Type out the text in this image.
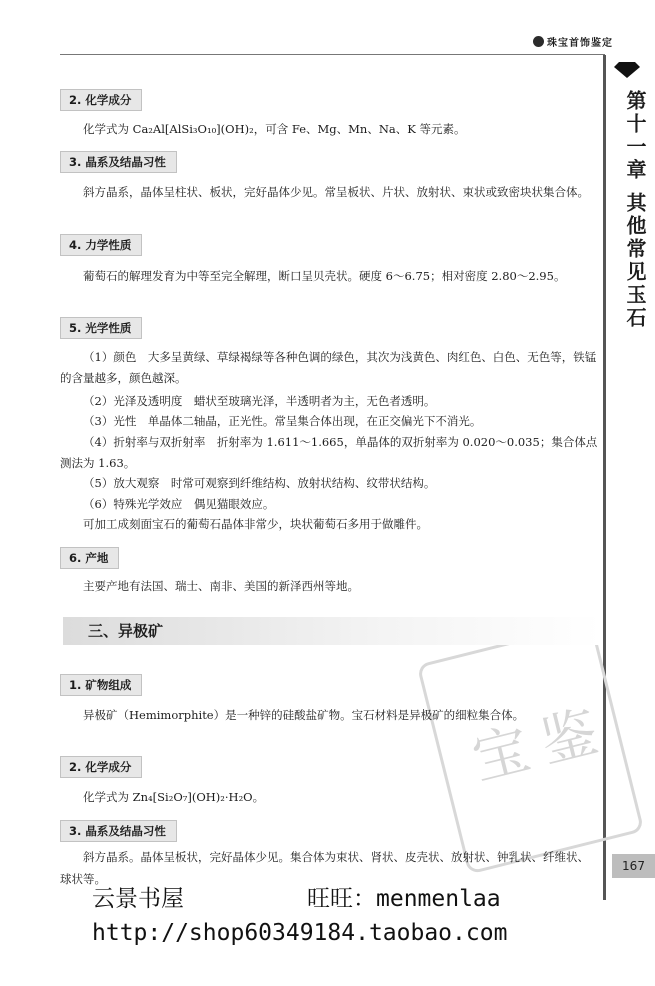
珠宝首饰鉴定
第十一章 其他常见玉石
167
鉴
宝
2. 化学成分
化学式为 Ca₂Al[AlSi₃O₁₀](OH)₂，可含 Fe、Mg、Mn、Na、K 等元素。
3. 晶系及结晶习性
斜方晶系，晶体呈柱状、板状，完好晶体少见。常呈板状、片状、放射状、束状或致密块状集合体。
4. 力学性质
葡萄石的解理发育为中等至完全解理，断口呈贝壳状。硬度 6～6.75；相对密度 2.80～2.95。
5. 光学性质
（1）颜色　大多呈黄绿、草绿褐绿等各种色调的绿色，其次为浅黄色、肉红色、白色、无色等，铁锰的含量越多，颜色越深。
（2）光泽及透明度　蜡状至玻璃光泽，半透明者为主，无色者透明。
（3）光性　单晶体二轴晶，正光性。常呈集合体出现，在正交偏光下不消光。
（4）折射率与双折射率　折射率为 1.611～1.665，单晶体的双折射率为 0.020～0.035；集合体点测法为 1.63。
（5）放大观察　时常可观察到纤维结构、放射状结构、纹带状结构。
（6）特殊光学效应　偶见猫眼效应。
可加工成刻面宝石的葡萄石晶体非常少，块状葡萄石多用于做雕件。
6. 产地
主要产地有法国、瑞士、南非、美国的新泽西州等地。
三、异极矿
1. 矿物组成
异极矿（Hemimorphite）是一种锌的硅酸盐矿物。宝石材料是异极矿的细粒集合体。
2. 化学成分
化学式为 Zn₄[Si₂O₇](OH)₂·H₂O。
3. 晶系及结晶习性
斜方晶系。晶体呈板状，完好晶体少见。集合体为束状、肾状、皮壳状、放射状、钟乳状、纤维状、球状等。
云景书屋	旺旺：menmenlaa
http://shop60349184.taobao.com
